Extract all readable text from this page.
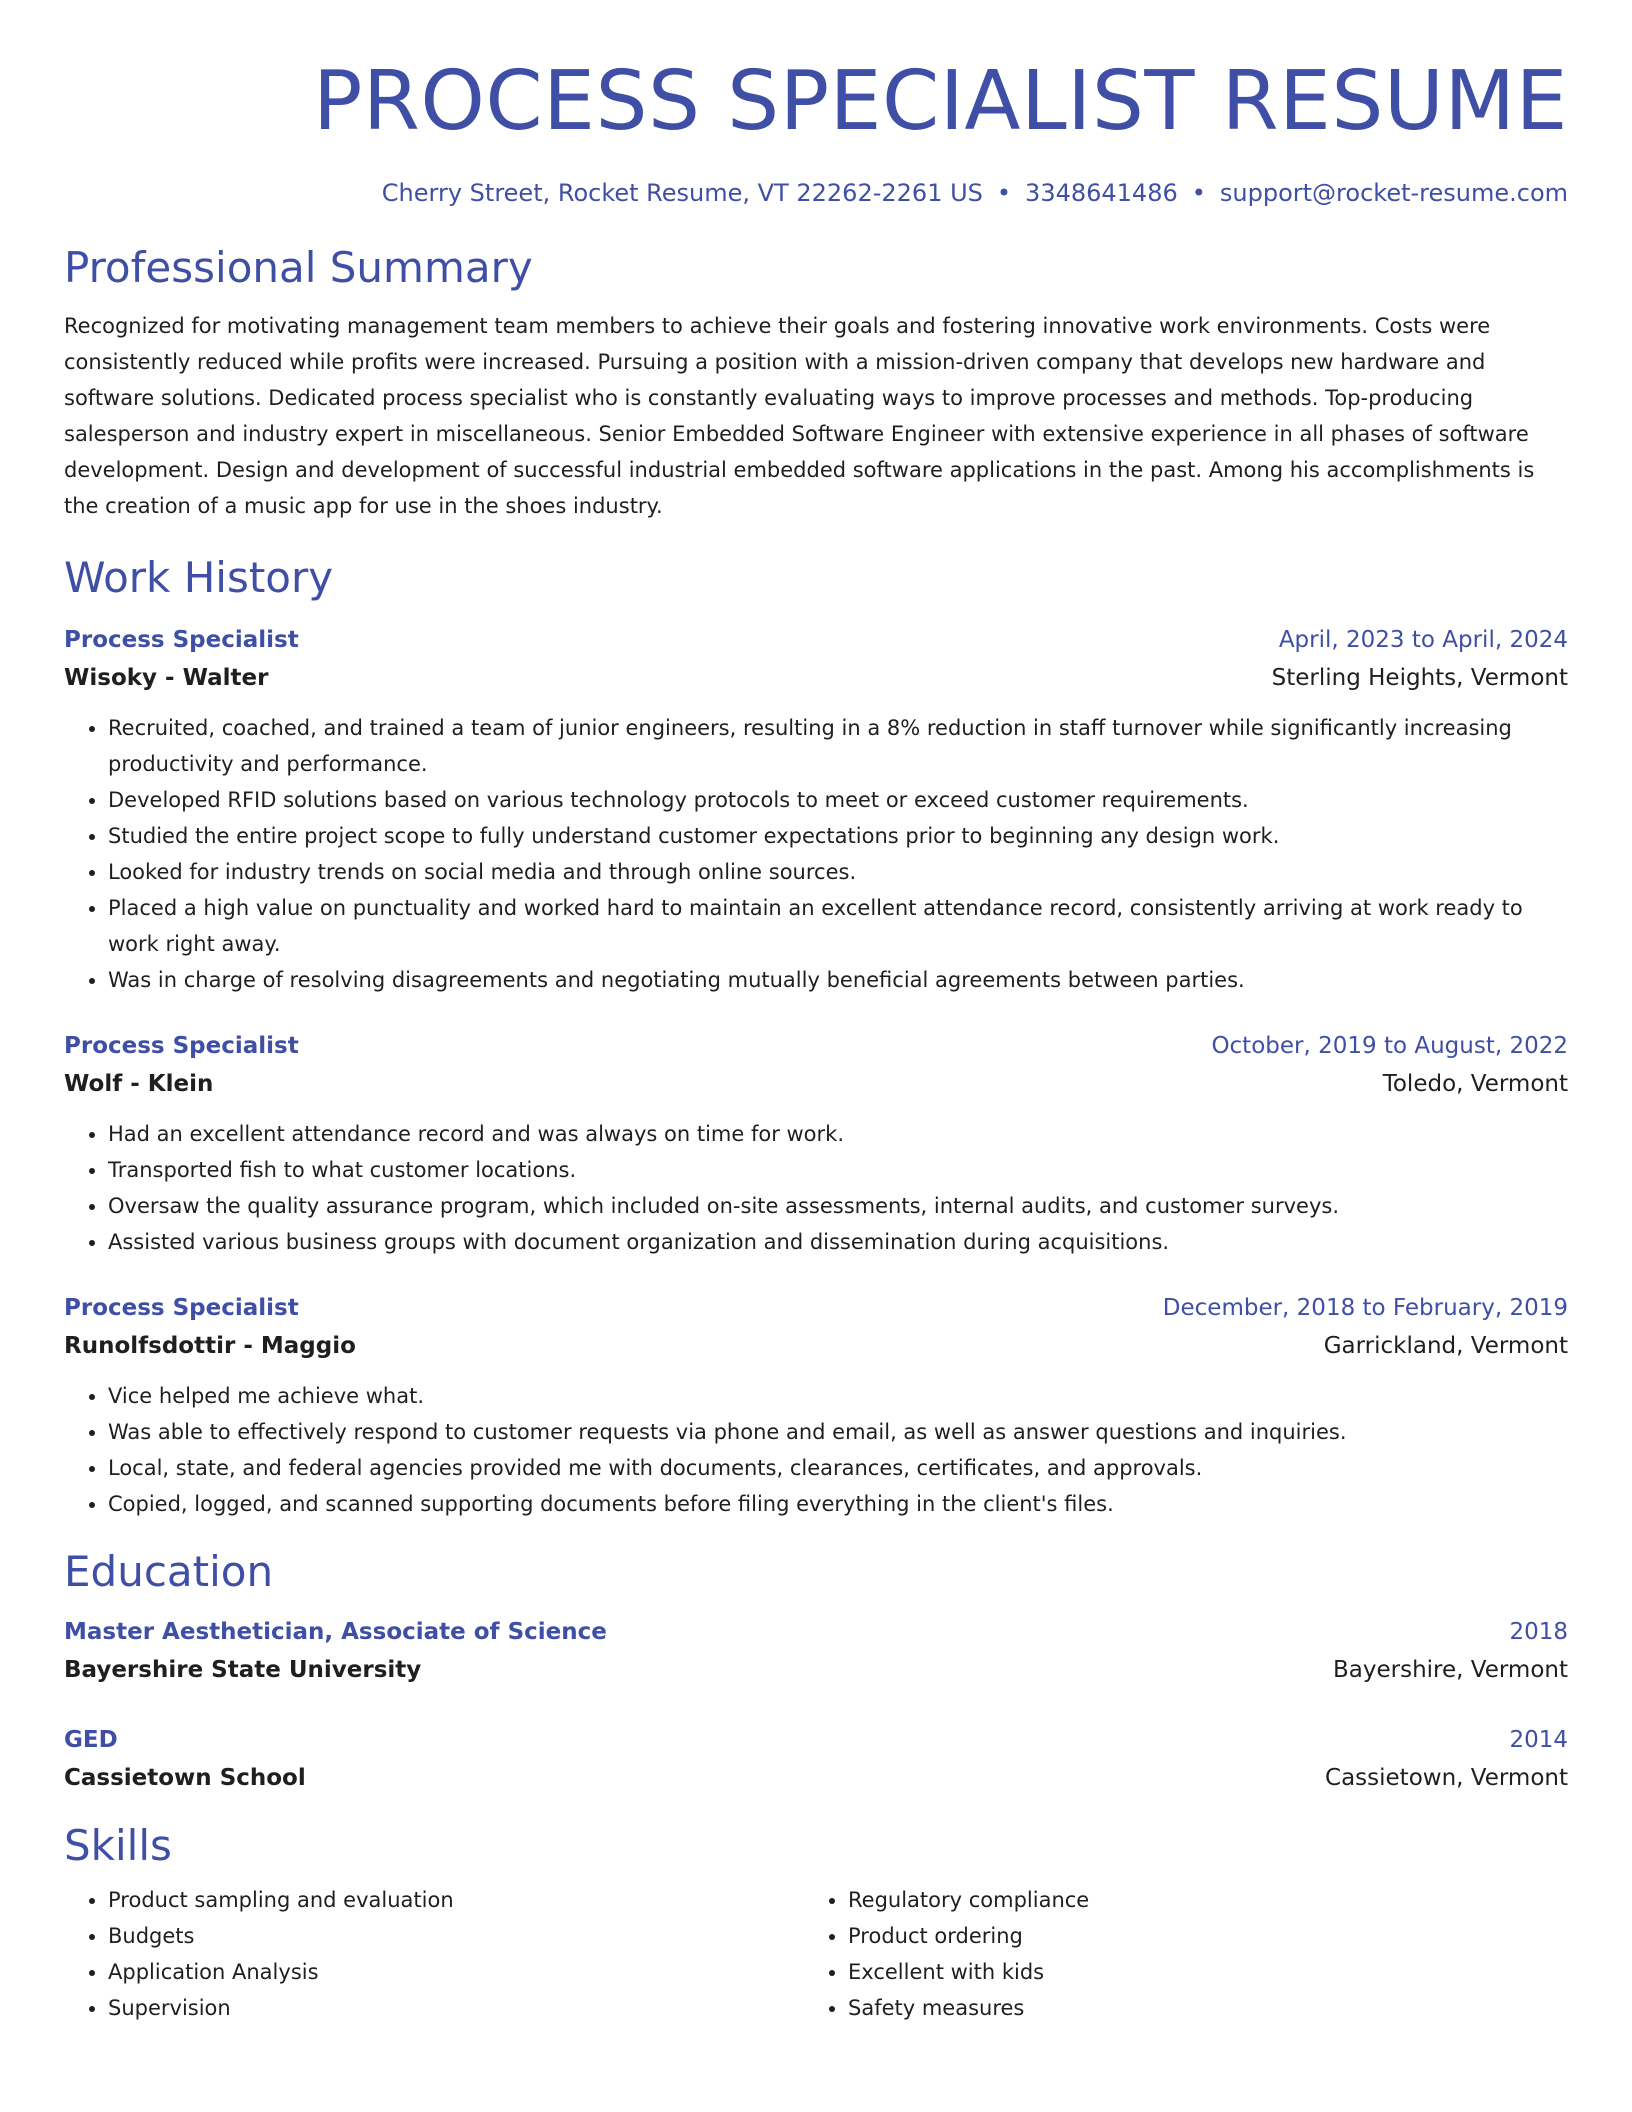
PROCESS SPECIALIST RESUME
Cherry Street, Rocket Resume, VT 22262-2261 US • 3348641486 • support@rocket-resume.com
Professional Summary
Recognized for motivating management team members to achieve their goals and fostering innovative work environments. Costs were consistently reduced while profits were increased. Pursuing a position with a mission-driven company that develops new hardware and software solutions. Dedicated process specialist who is constantly evaluating ways to improve processes and methods. Top-producing salesperson and industry expert in miscellaneous. Senior Embedded Software Engineer with extensive experience in all phases of software development. Design and development of successful industrial embedded software applications in the past. Among his accomplishments is the creation of a music app for use in the shoes industry.
Work History
Process Specialist	April, 2023 to April, 2024
Wisoky - Walter	Sterling Heights, Vermont
• Recruited, coached, and trained a team of junior engineers, resulting in a 8% reduction in staff turnover while significantly increasing productivity and performance.
• Developed RFID solutions based on various technology protocols to meet or exceed customer requirements.
• Studied the entire project scope to fully understand customer expectations prior to beginning any design work.
• Looked for industry trends on social media and through online sources.
• Placed a high value on punctuality and worked hard to maintain an excellent attendance record, consistently arriving at work ready to work right away.
• Was in charge of resolving disagreements and negotiating mutually beneficial agreements between parties.
Process Specialist	October, 2019 to August, 2022
Wolf - Klein	Toledo, Vermont
• Had an excellent attendance record and was always on time for work.
• Transported fish to what customer locations.
• Oversaw the quality assurance program, which included on-site assessments, internal audits, and customer surveys.
• Assisted various business groups with document organization and dissemination during acquisitions.
Process Specialist	December, 2018 to February, 2019
Runolfsdottir - Maggio	Garrickland, Vermont
• Vice helped me achieve what.
• Was able to effectively respond to customer requests via phone and email, as well as answer questions and inquiries.
• Local, state, and federal agencies provided me with documents, clearances, certificates, and approvals.
• Copied, logged, and scanned supporting documents before filing everything in the client's files.
Education
Master Aesthetician, Associate of Science	2018
Bayershire State University	Bayershire, Vermont
GED	2014
Cassietown School	Cassietown, Vermont
Skills
• Product sampling and evaluation
• Budgets
• Application Analysis
• Supervision
• Regulatory compliance
• Product ordering
• Excellent with kids
• Safety measures
